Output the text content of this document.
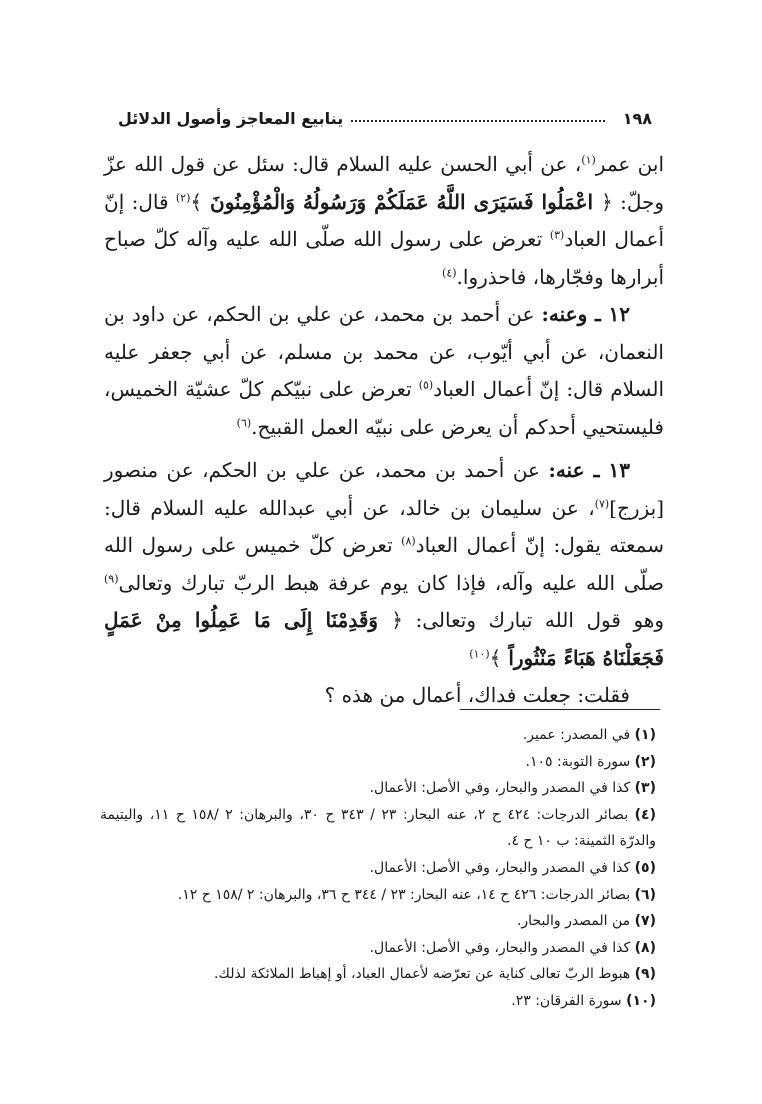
١٩٨
ينابيع المعاجز وأصول الدلائل

ابن عمر$^{(١)}$، عن أبي الحسن عليه السلام قال: سئل عن قول الله عزّ وجلّ: ﴿ اعْمَلُوا فَسَيَرَى اللَّهُ عَمَلَكُمْ وَرَسُولُهُ وَالْمُؤْمِنُونَ ﴾$^{(٢)}$ قال: إنّ أعمال العباد$^{(٣)}$ تعرض على رسول الله صلّى الله عليه وآله كلّ صباح أبرارها وفجّارها، فاحذروا.$^{(٤)}$

١٢ ـ وعنه: عن أحمد بن محمد، عن علي بن الحكم، عن داود بن النعمان، عن أبي أيّوب، عن محمد بن مسلم، عن أبي جعفر عليه السلام قال: إنّ أعمال العباد$^{(٥)}$ تعرض على نبيّكم كلّ عشيّة الخميس، فليستحيي أحدكم أن يعرض على نبيّه العمل القبيح.$^{(٦)}$

١٣ ـ عنه: عن أحمد بن محمد، عن علي بن الحكم، عن منصور [بزرج]$^{(٧)}$، عن سليمان بن خالد، عن أبي عبدالله عليه السلام قال: سمعته يقول: إنّ أعمال العباد$^{(٨)}$ تعرض كلّ خميس على رسول الله صلّى الله عليه وآله، فإذا كان يوم عرفة هبط الربّ تبارك وتعالى$^{(٩)}$ وهو قول الله تبارك وتعالى: ﴿ وَقَدِمْنَا إِلَى مَا عَمِلُوا مِنْ عَمَلٍ فَجَعَلْنَاهُ هَبَاءً مَنْثُوراً ﴾$^{(١٠)}$

فقلت: جعلت فداك، أعمال من هذه ؟

(١) في المصدر: عمير.

(٢) سورة التوبة: ١٠٥.

(٣) كذا في المصدر والبحار، وفي الأصل: الأعمال.

(٤) بصائر الدرجات: ٤٢٤ ح ٢، عنه البحار: ٢٣ / ٣٤٣ ح ٣٠، والبرهان: ٢ /١٥٨ ح ١١، واليتيمة والدرّة الثمينة: ب ١٠ ح ٤.

(٥) كذا في المصدر والبحار، وفي الأصل: الأعمال.

(٦) بصائر الدرجات: ٤٢٦ ح ١٤، عنه البحار: ٢٣ / ٣٤٤ ح ٣٦، والبرهان: ٢ /١٥٨ ح ١٢.

(٧) من المصدر والبحار.

(٨) كذا في المصدر والبحار، وفي الأصل: الأعمال.

(٩) هبوط الربّ تعالى كناية عن تعرّضه لأعمال العباد، أو إهباط الملائكة لذلك.

(١٠) سورة الفرقان: ٢٣.
